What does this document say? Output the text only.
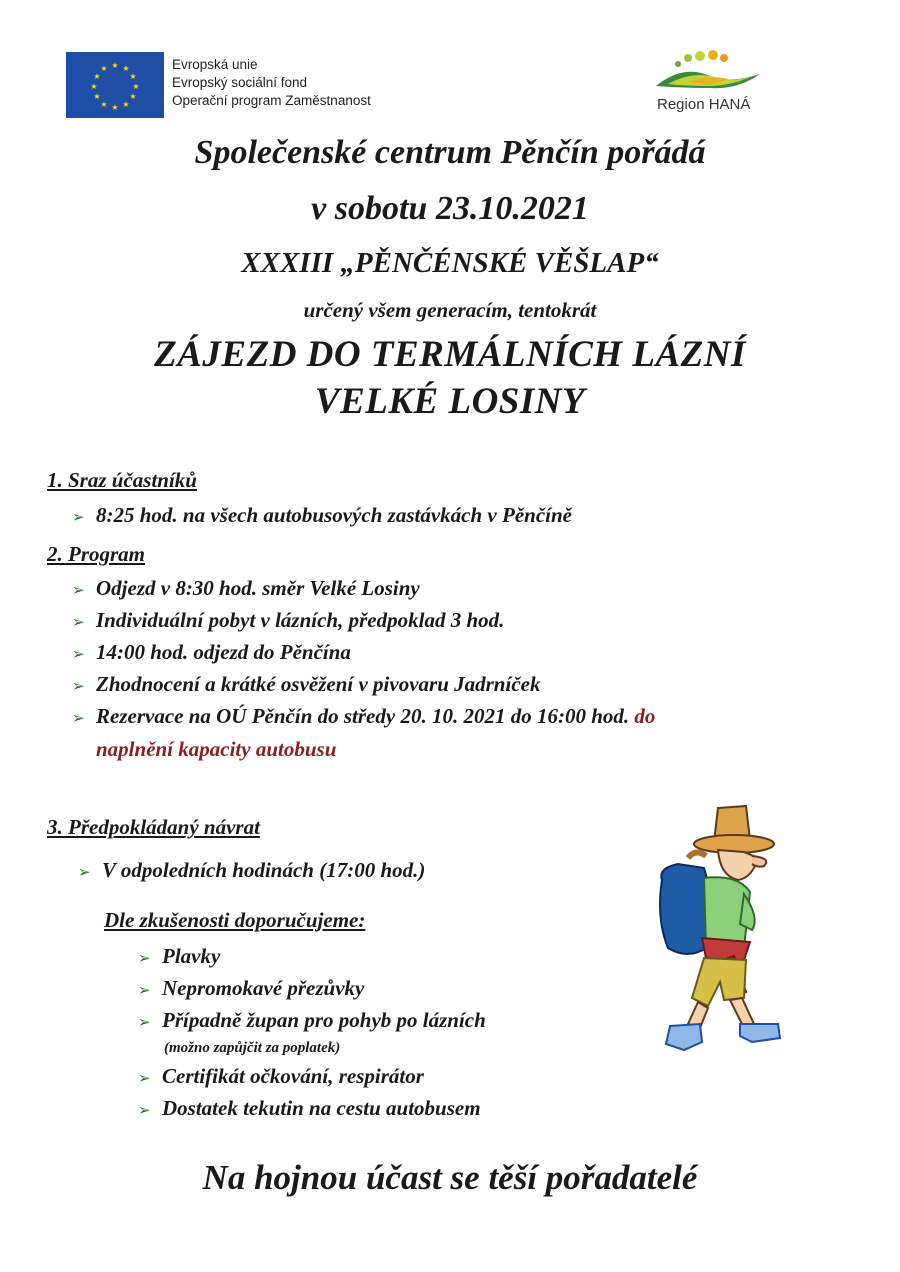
★ ★
★
★
★
★
★
★
★
★
★
★	Evropská unie
Evropský sociální fond
Operační program Zaměstnanost	Region HANÁ

Společenské centrum Pěnčín pořádá

v sobotu 23.10.2021

XXXIII „PĚNČÉNSKÉ VĚŠLAP“

určený všem generacím, tentokrát

ZÁJEZD DO TERMÁLNÍCH LÁZNÍ

VELKÉ LOSINY

1. Sraz účastníků
➢ 8:25 hod. na všech autobusových zastávkách v Pěnčíně
2. Program
➢ Odjezd v 8:30 hod. směr Velké Losiny
➢ Individuální pobyt v lázních, předpoklad 3 hod.
➢ 14:00 hod. odjezd do Pěnčína
➢ Zhodnocení a krátké osvěžení v pivovaru Jadrníček
➢ Rezervace na OÚ Pěnčín do středy 20. 10. 2021 do 16:00 hod. do
naplnění kapacity autobusu
3. Předpokládaný návrat
➢ V odpoledních hodinách (17:00 hod.)
Dle zkušenosti doporučujeme:
➢ Plavky
➢ Nepromokavé přezůvky
➢ Případně župan pro pohyb po lázních
(možno zapůjčit za poplatek)
➢ Certifikát očkování, respirátor
➢ Dostatek tekutin na cestu autobusem

Na hojnou účast se těší pořadatelé
